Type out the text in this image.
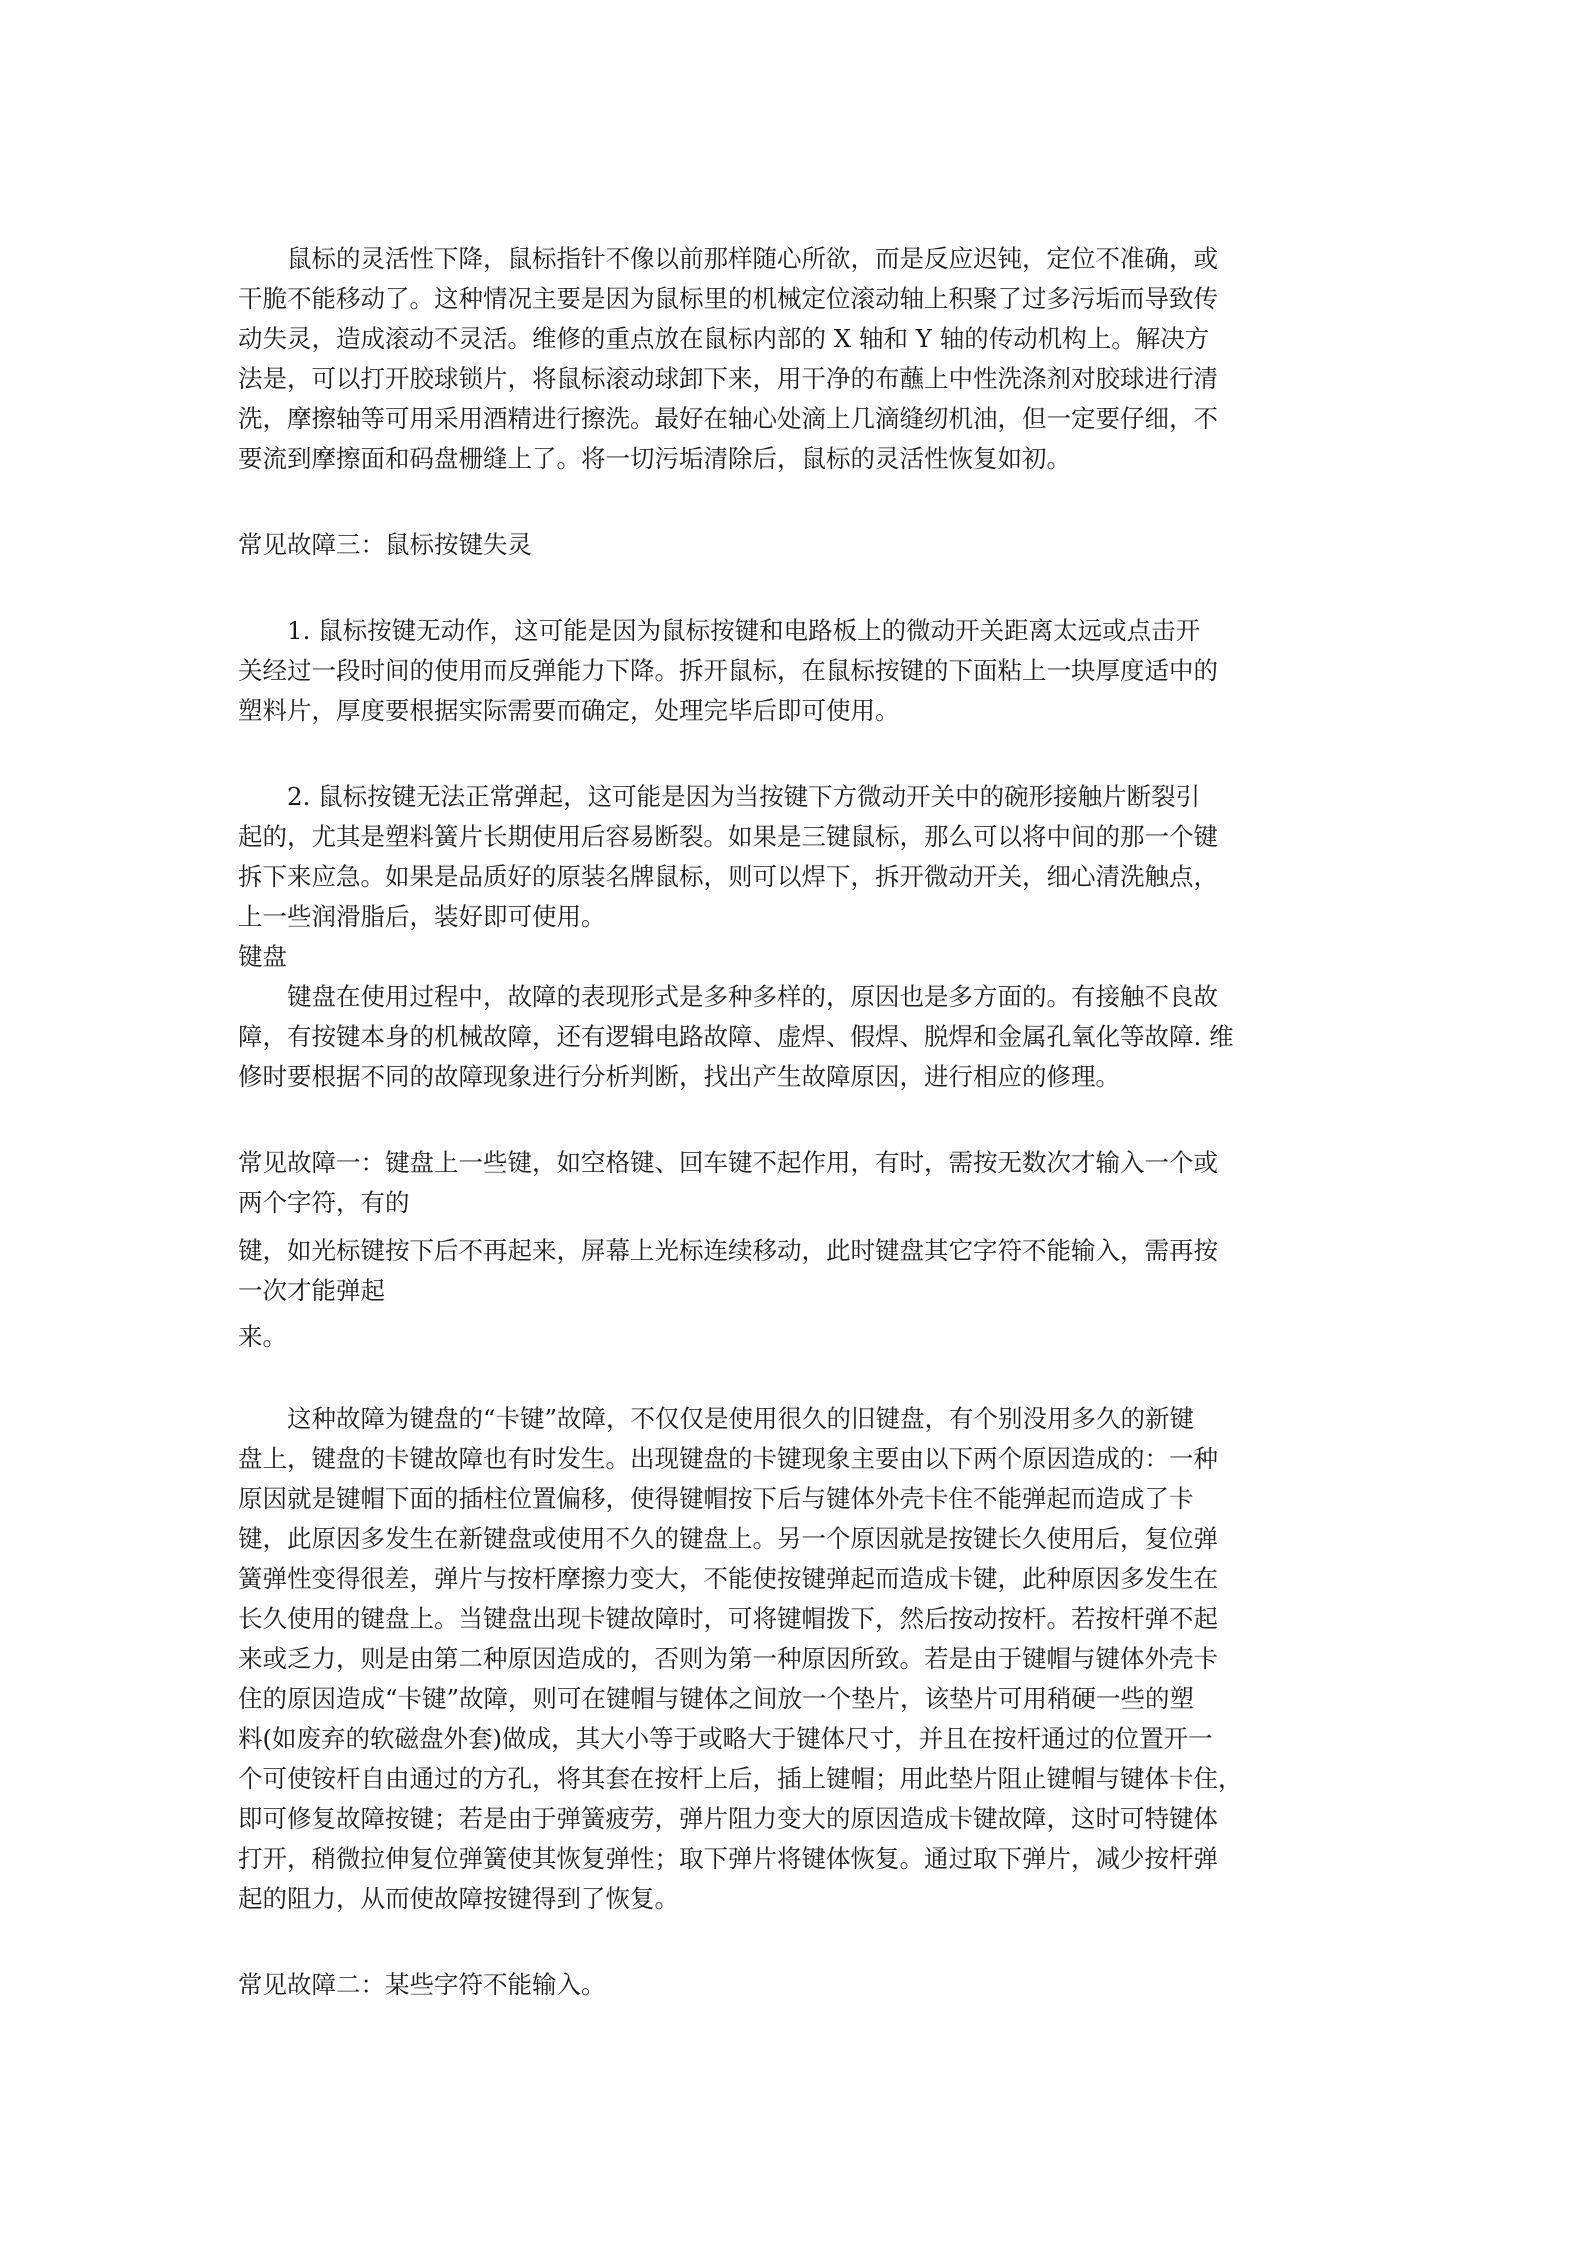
　　鼠标的灵活性下降，鼠标指针不像以前那样随心所欲，而是反应迟钝，定位不准确，或
干脆不能移动了。这种情况主要是因为鼠标里的机械定位滚动轴上积聚了过多污垢而导致传
动失灵，造成滚动不灵活。维修的重点放在鼠标内部的 X 轴和 Y 轴的传动机构上。解决方
法是，可以打开胶球锁片，将鼠标滚动球卸下来，用干净的布蘸上中性洗涤剂对胶球进行清
洗，摩擦轴等可用采用酒精进行擦洗。最好在轴心处滴上几滴缝纫机油，但一定要仔细，不
要流到摩擦面和码盘栅缝上了。将一切污垢清除后，鼠标的灵活性恢复如初。
常见故障三：鼠标按键失灵
　　1. 鼠标按键无动作，这可能是因为鼠标按键和电路板上的微动开关距离太远或点击开
关经过一段时间的使用而反弹能力下降。拆开鼠标，在鼠标按键的下面粘上一块厚度适中的
塑料片，厚度要根据实际需要而确定，处理完毕后即可使用。
　　2. 鼠标按键无法正常弹起，这可能是因为当按键下方微动开关中的碗形接触片断裂引
起的，尤其是塑料簧片长期使用后容易断裂。如果是三键鼠标，那么可以将中间的那一个键
拆下来应急。如果是品质好的原装名牌鼠标，则可以焊下，拆开微动开关，细心清洗触点，
上一些润滑脂后，装好即可使用。
键盘
　　键盘在使用过程中，故障的表现形式是多种多样的，原因也是多方面的。有接触不良故
障，有按键本身的机械故障，还有逻辑电路故障、虚焊、假焊、脱焊和金属孔氧化等故障. 维
修时要根据不同的故障现象进行分析判断，找出产生故障原因，进行相应的修理。
常见故障一：键盘上一些键，如空格键、回车键不起作用，有时，需按无数次才输入一个或
两个字符，有的
键，如光标键按下后不再起来，屏幕上光标连续移动，此时键盘其它字符不能输入，需再按
一次才能弹起
来。
　　这种故障为键盘的“卡键”故障，不仅仅是使用很久的旧键盘，有个别没用多久的新键
盘上，键盘的卡键故障也有时发生。出现键盘的卡键现象主要由以下两个原因造成的：一种
原因就是键帽下面的插柱位置偏移，使得键帽按下后与键体外壳卡住不能弹起而造成了卡
键，此原因多发生在新键盘或使用不久的键盘上。另一个原因就是按键长久使用后，复位弹
簧弹性变得很差，弹片与按杆摩擦力变大，不能使按键弹起而造成卡键，此种原因多发生在
长久使用的键盘上。当键盘出现卡键故障时，可将键帽拨下，然后按动按杆。若按杆弹不起
来或乏力，则是由第二种原因造成的，否则为第一种原因所致。若是由于键帽与键体外壳卡
住的原因造成“卡键”故障，则可在键帽与键体之间放一个垫片，该垫片可用稍硬一些的塑
料(如废弃的软磁盘外套)做成，其大小等于或略大于键体尺寸，并且在按杆通过的位置开一
个可使铵杆自由通过的方孔，将其套在按杆上后，插上键帽；用此垫片阻止键帽与键体卡住，
即可修复故障按键；若是由于弹簧疲劳，弹片阻力变大的原因造成卡键故障，这时可特键体
打开，稍微拉伸复位弹簧使其恢复弹性；取下弹片将键体恢复。通过取下弹片，减少按杆弹
起的阻力，从而使故障按键得到了恢复。
常见故障二：某些字符不能输入。
